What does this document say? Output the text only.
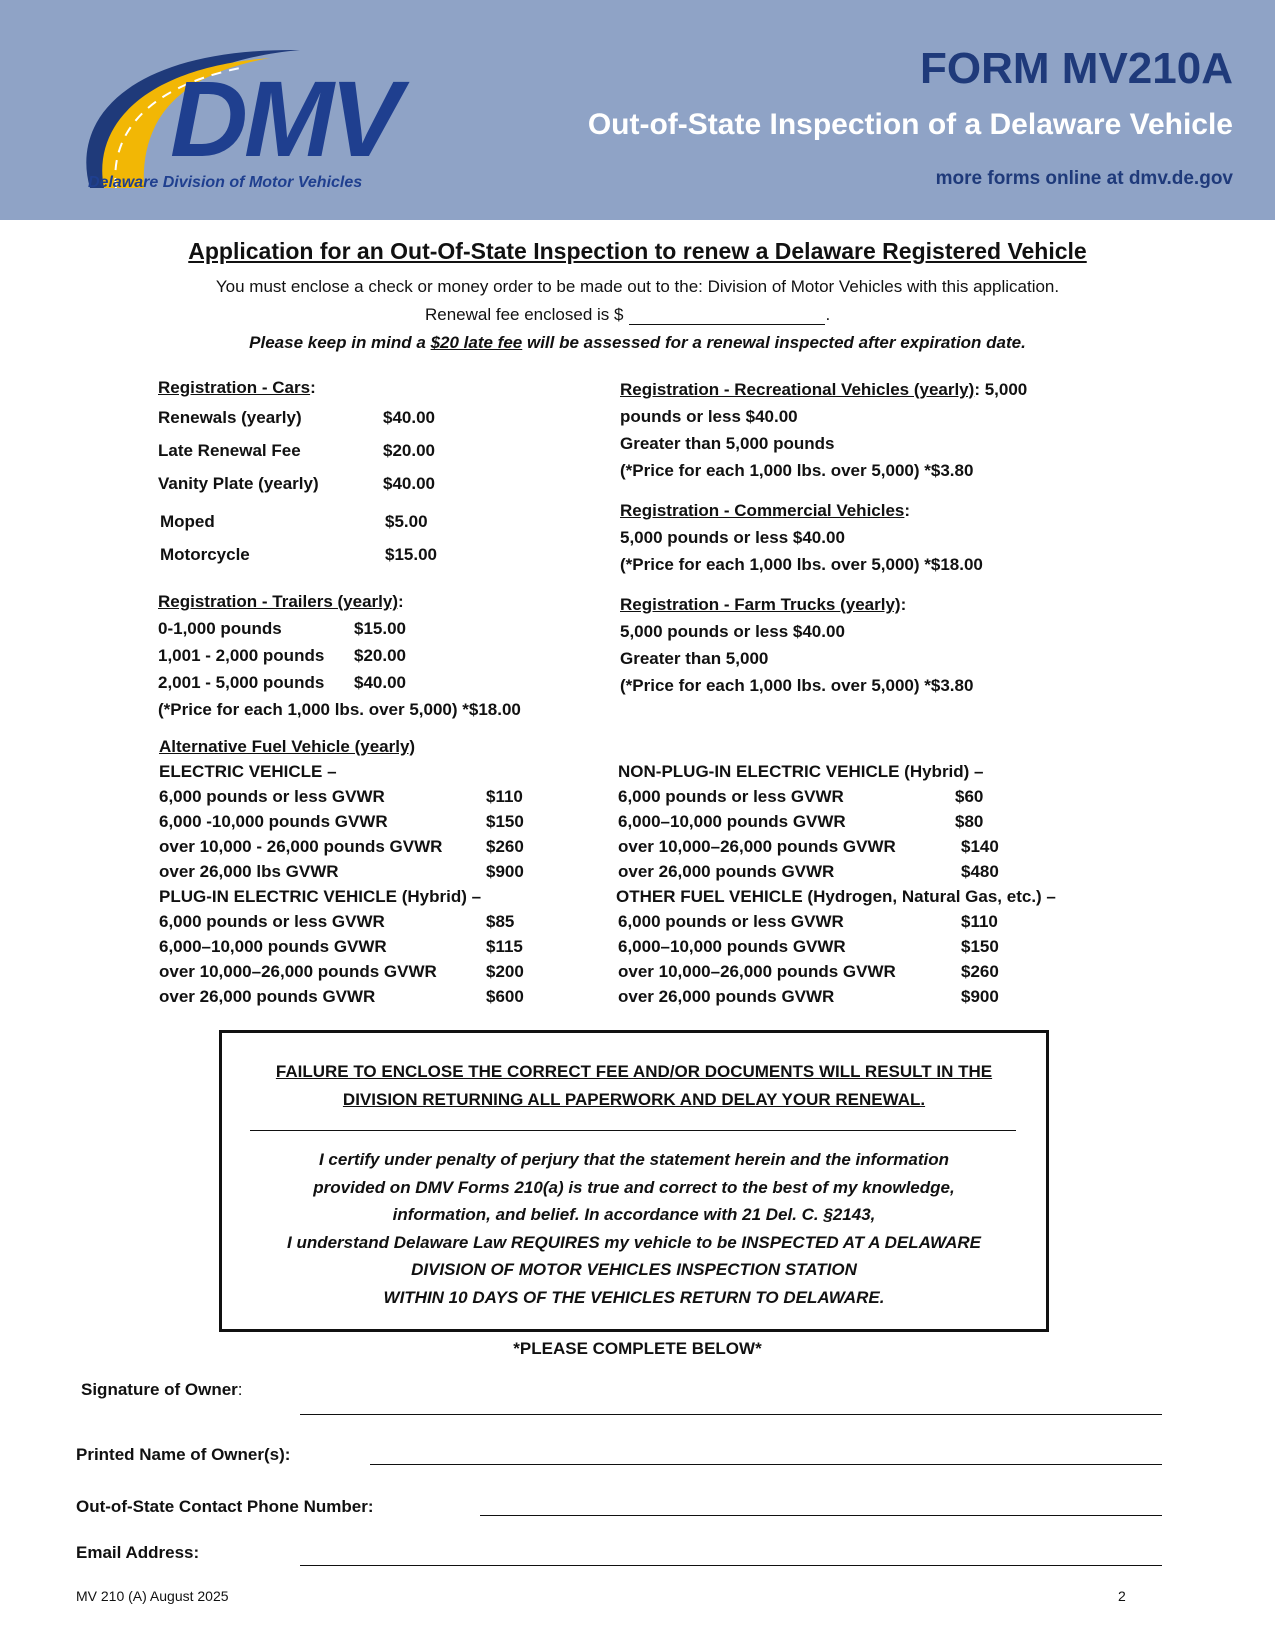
DMV
Delaware Division of Motor Vehicles
FORM MV210A
Out-of-State Inspection of a Delaware Vehicle
more forms online at dmv.de.gov
Application for an Out-Of-State Inspection to renew a Delaware Registered Vehicle
You must enclose a check or money order to be made out to the: Division of Motor Vehicles with this application.
Renewal fee enclosed is $	.
Please keep in mind a $20 late fee will be assessed for a renewal inspected after expiration date.
Registration - Cars:
Renewals (yearly)	$40.00
Late Renewal Fee	$20.00
Vanity Plate (yearly)	$40.00
Moped	$5.00
Motorcycle	$15.00
Registration - Trailers (yearly):
0-1,000 pounds	$15.00
1,001 - 2,000 pounds $20.00
2,001 - 5,000 pounds $40.00
(*Price for each 1,000 lbs. over 5,000) *$18.00
Registration - Recreational Vehicles (yearly): 5,000
pounds or less $40.00
Greater than 5,000 pounds
(*Price for each 1,000 lbs. over 5,000) *$3.80
Registration - Commercial Vehicles:
5,000 pounds or less $40.00
(*Price for each 1,000 lbs. over 5,000) *$18.00
Registration - Farm Trucks (yearly):
5,000 pounds or less $40.00
Greater than 5,000
(*Price for each 1,000 lbs. over 5,000) *$3.80
Alternative Fuel Vehicle (yearly)
ELECTRIC VEHICLE –
6,000 pounds or less GVWR	$110
6,000 -10,000 pounds GVWR	$150
over 10,000 - 26,000 pounds GVWR	$260
over 26,000 lbs GVWR	$900
PLUG-IN ELECTRIC VEHICLE (Hybrid) –
6,000 pounds or less GVWR	$85
6,000–10,000 pounds GVWR	$115
over 10,000–26,000 pounds GVWR	$200
over 26,000 pounds GVWR	$600
NON-PLUG-IN ELECTRIC VEHICLE (Hybrid) –
6,000 pounds or less GVWR	$60
6,000–10,000 pounds GVWR	$80
over 10,000–26,000 pounds GVWR	$140
over 26,000 pounds GVWR	$480
OTHER FUEL VEHICLE (Hydrogen, Natural Gas, etc.) –
6,000 pounds or less GVWR	$110
6,000–10,000 pounds GVWR	$150
over 10,000–26,000 pounds GVWR	$260
over 26,000 pounds GVWR	$900
FAILURE TO ENCLOSE THE CORRECT FEE AND/OR DOCUMENTS WILL RESULT IN THE
DIVISION RETURNING ALL PAPERWORK AND DELAY YOUR RENEWAL.
I certify under penalty of perjury that the statement herein and the information
provided on DMV Forms 210(a) is true and correct to the best of my knowledge,
information, and belief. In accordance with 21 Del. C. §2143,
I understand Delaware Law REQUIRES my vehicle to be INSPECTED AT A DELAWARE
DIVISION OF MOTOR VEHICLES INSPECTION STATION
WITHIN 10 DAYS OF THE VEHICLES RETURN TO DELAWARE.
*PLEASE COMPLETE BELOW*
Signature of Owner:
Printed Name of Owner(s):
Out-of-State Contact Phone Number:
Email Address:
MV 210 (A) August 2025	2
